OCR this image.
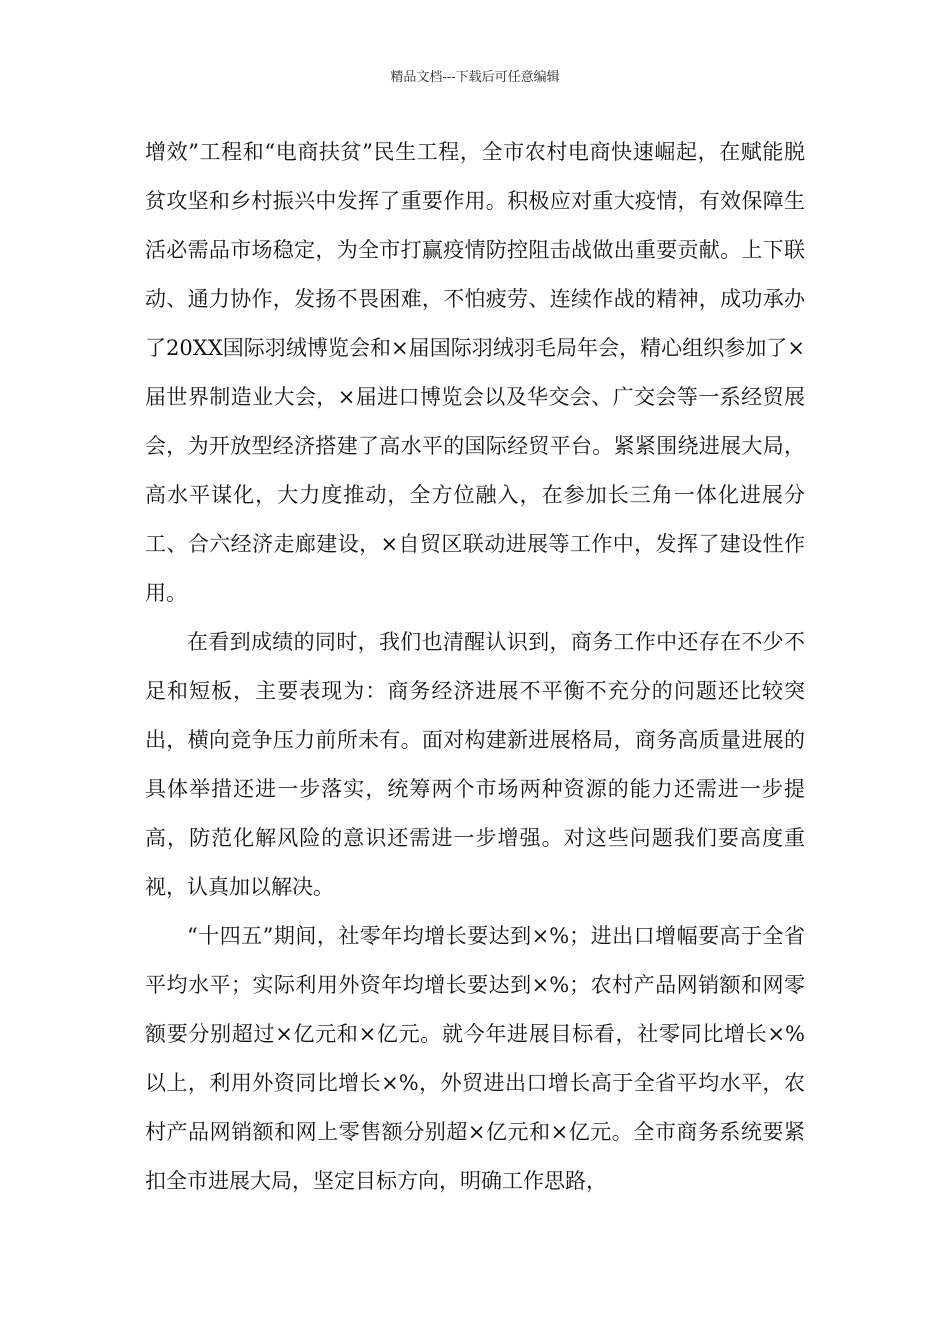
精品文档---下载后可任意编辑

增效”工程和“电商扶贫”民生工程，全市农村电商快速崛起，在赋能脱贫攻坚和乡村振兴中发挥了重要作用。积极应对重大疫情，有效保障生活必需品市场稳定，为全市打赢疫情防控阻击战做出重要贡献。上下联动、通力协作，发扬不畏困难，不怕疲劳、连续作战的精神，成功承办了20XX国际羽绒博览会和×届国际羽绒羽毛局年会，精心组织参加了×届世界制造业大会，×届进口博览会以及华交会、广交会等一系经贸展会，为开放型经济搭建了高水平的国际经贸平台。紧紧围绕进展大局，高水平谋化，大力度推动，全方位融入，在参加长三角一体化进展分工、合六经济走廊建设，×自贸区联动进展等工作中，发挥了建设性作用。

在看到成绩的同时，我们也清醒认识到，商务工作中还存在不少不足和短板，主要表现为：商务经济进展不平衡不充分的问题还比较突出，横向竞争压力前所未有。面对构建新进展格局，商务高质量进展的具体举措还进一步落实，统筹两个市场两种资源的能力还需进一步提高，防范化解风险的意识还需进一步增强。对这些问题我们要高度重视，认真加以解决。

“十四五”期间，社零年均增长要达到×%；进出口增幅要高于全省平均水平；实际利用外资年均增长要达到×%；农村产品网销额和网零额要分别超过×亿元和×亿元。就今年进展目标看，社零同比增长×%以上，利用外资同比增长×%，外贸进出口增长高于全省平均水平，农村产品网销额和网上零售额分别超×亿元和×亿元。全市商务系统要紧扣全市进展大局，坚定目标方向，明确工作思路，
